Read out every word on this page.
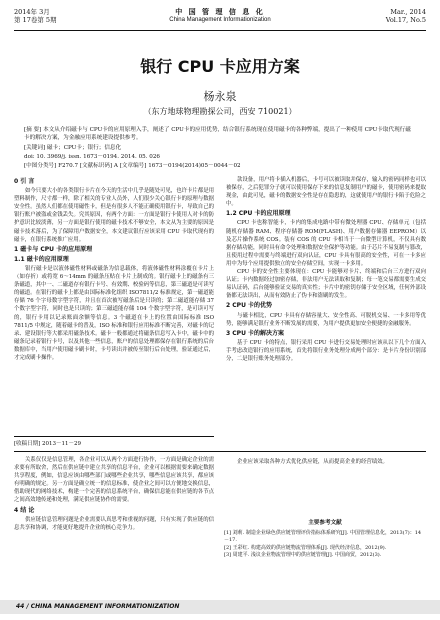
2014年 3月
第 17卷第 5期
中 国 管 理 信 息 化
China Management Informationization
Mar., 2014
Vol.17, No.5
银行 CPU 卡应用方案
杨永泉
（东方地球物理勘探公司，西安 710021）
[摘 要] 本文从介绍磁卡与 CPU卡的应用原理入手，阐述了 CPU卡的应用优势，结合银行系统现在使用磁卡的各种弊端，提出了一种使用 CPU卡取代现行磁卡的解决方案，为金融应用系统建设提供参考。
[关键词] 磁卡；CPU卡；银行；信息化
doi: 10. 3969/j. issn. 1673－0194. 2014. 05. 026
[中图分类号] F270.7 [文献标识码] A [文章编号] 1673－0194(2014)05－0044－02
0 引 言

如今只要大小的各类银行卡片在今天的生活中几乎是随处可见，也许卡片都是用塑料制作，尺寸都一样，除了相关的专业人员外，人们很少关心银行卡的原理与数据安全性。虽然人们都在使用磁性卡，但是有很多人不能正确使用银行卡，导致自己的银行账户被盗或金钱丢失。究其原因，有两个方面：一方面是银行卡使用人对卡的防护意识比较淡薄，另一方面是银行使用的磁卡技术不够安全，本文从为主要的原因是磁卡技术落后，为了保障用户数据安全，本文建议银行应该采用 CPU 卡取代现有的磁卡，在银行系统推广应用。

1 磁卡与 CPU 卡的应用原理
1.1 磁卡的应用原理

银行磁卡是以液体磁性材料或磁条为信息载体，将液体磁性材料涂覆在卡片上（如存折）或将宽 6～14mm 的磁条压贴在卡片上制成的。银行磁卡上的磁条有三条磁道，其中一、二磁道存有银行卡号、有效期、校验码等信息，第三磁道是可读写的磁道。在银行的磁卡上都是由国际标准化组织 ISO7811/2 标准规定，第一磁道能存储 76 个字母数字型字符，并且在首次被写磁条后是只读的；第二磁道能存储 37 个数字型字符，同时也是只读的；第三磁道能存储 104 个数字型字符，是可读可写的，银行卡用以记录账面余额等信息。3 个磁道在卡上的位置由国际标准 ISO 7811/5 中规定，随着磁卡的普及，ISO 标准和银行应用标准不断完善，对磁卡的记录、建设银行等大都采用磁条技术。磁卡一般都通过将磁条信息写入卡中，磁卡中的磁条记录着银行卡号，以及其他一些信息，账户的信息处理都保存在银行系统的后台数据库中，当用户使用磁卡刷卡时，卡号读出并被传至银行后台处理，验证通过后，才完成刷卡操作。

款设备，用户将卡插入机器后，卡号可以被读取并保存，输入的密码同样也可以被保存，之后犯罪分子就可以使用保存下来的信息复制用户的磁卡，使用密码来提取现金，由此可见，磁卡的数据安全性是存在隐患的，这就使用户的银行卡陷于危险之中。

1.2 CPU 卡的应用原理

CPU 卡也称智能卡，卡内的集成电路中带有微处理器 CPU、存储单元（包括随机存储器 RAM、程序存储器 ROM(FLASH)、用户数据存储器 EEPROM）以及芯片操作系统 COS。装有 COS 的 CPU 卡相当于一台微型计算机，不仅具有数据存储功能，同时具有命令处理和数据安全保护等功能。由于芯片不易复制与篡改，且使用过程中需要与终端进行双向认证，CPU 卡具有很高的安全性，可在一卡多应用中为每个应用提供独立的安全存储空间，实现一卡多用。

CPU 卡的安全性主要体现在：CPU 卡能够对卡片、终端和后台三方进行双向认证；卡内数据经过加密存储，非法用户无法读取和复制；每一笔交易都需要生成交易认证码，后台能够验证交易的真实性；卡片中的密钥存储于安全区域，任何外部设备都无法读出，从而有效防止了伪卡和盗刷的发生。

2 CPU 卡的优势

与磁卡相比，CPU 卡具有存储容量大、安全性高、可脱机交易、一卡多用等优势，能够满足银行业务不断发展的需要，为用户提供更加安全便捷的金融服务。

3 CPU 卡的解决方案

基于 CPU 卡的特点，银行采用 CPU 卡进行交易处理时应该从以下几个方面入手考虑改造银行的应用系统，首先将银行业务处理分成两个部分：是卡片身份识别部分，二是银行账务处理部分。

[收稿日期] 2013－11－29

关系仅仅是信息管理，各企业可以从两个方面进行协作，一方面是确定企业的需求要有所取舍，然后在供应链中建立共享的信息平台，企业可以根据需要来确定数据共享程度，例如，信息应该由哪些部门或哪些企业共享，哪些信息应该共享，都应该有明确的规定。另一方面是确立统一的信息标准，使企业之间可以方便地交换信息，借助现代的网络技术，构建一个完善的信息系统平台，确保信息能在供应链的各节点之间高效地传递和处理，满足供应链协作的需要。

4 结 论

供应链信息管理问题是企业需要认真思考和重视的问题，只有实现了供应链的信息共享和协调，才能更好地提升企业的核心竞争力。

企业应该采取各种方式优化供应链，从而提高企业的经营绩效。

主要参考文献
[1] 刘莉. 制造企业绿色供应链管理评价指标体系研究[J]. 中国管理信息化，2013(7)：14－17.
[2] 王彩红. 构建高效的供应链物流管理体系[J]. 现代经济信息，2012(9).
[3] 周建平. 浅议企业物流管理中的供应链管理[J]. 中国商贸，2012(3).
44 / CHINA MANAGEMENT INFORMATIONIZATION
